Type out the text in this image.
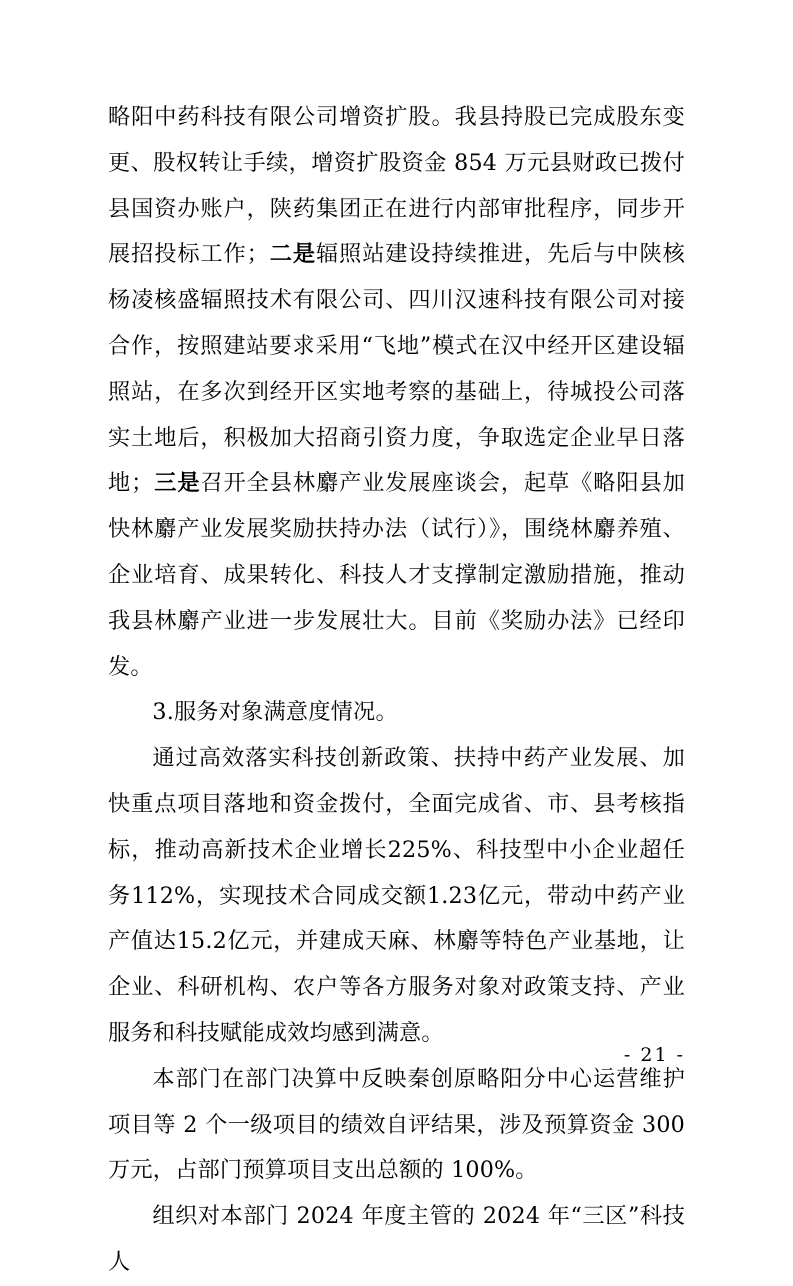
略阳中药科技有限公司增资扩股。我县持股已完成股东变更、股权转让手续，增资扩股资金 854 万元县财政已拨付县国资办账户，陕药集团正在进行内部审批程序，同步开展招投标工作；二是辐照站建设持续推进，先后与中陕核杨凌核盛辐照技术有限公司、四川汉速科技有限公司对接合作，按照建站要求采用“飞地”模式在汉中经开区建设辐照站，在多次到经开区实地考察的基础上，待城投公司落实土地后，积极加大招商引资力度，争取选定企业早日落地；三是召开全县林麝产业发展座谈会，起草《略阳县加快林麝产业发展奖励扶持办法（试行）》，围绕林麝养殖、企业培育、成果转化、科技人才支撑制定激励措施，推动我县林麝产业进一步发展壮大。目前《奖励办法》已经印发。

3.服务对象满意度情况。

通过高效落实科技创新政策、扶持中药产业发展、加快重点项目落地和资金拨付，全面完成省、市、县考核指标，推动高新技术企业增长225%、科技型中小企业超任务112%，实现技术合同成交额1.23亿元，带动中药产业产值达15.2亿元，并建成天麻、林麝等特色产业基地，让企业、科研机构、农户等各方服务对象对政策支持、产业服务和科技赋能成效均感到满意。

本部门在部门决算中反映秦创原略阳分中心运营维护项目等 2 个一级项目的绩效自评结果，涉及预算资金 300 万元，占部门预算项目支出总额的 100%。

组织对本部门 2024 年度主管的 2024 年“三区”科技人

- 21 -
